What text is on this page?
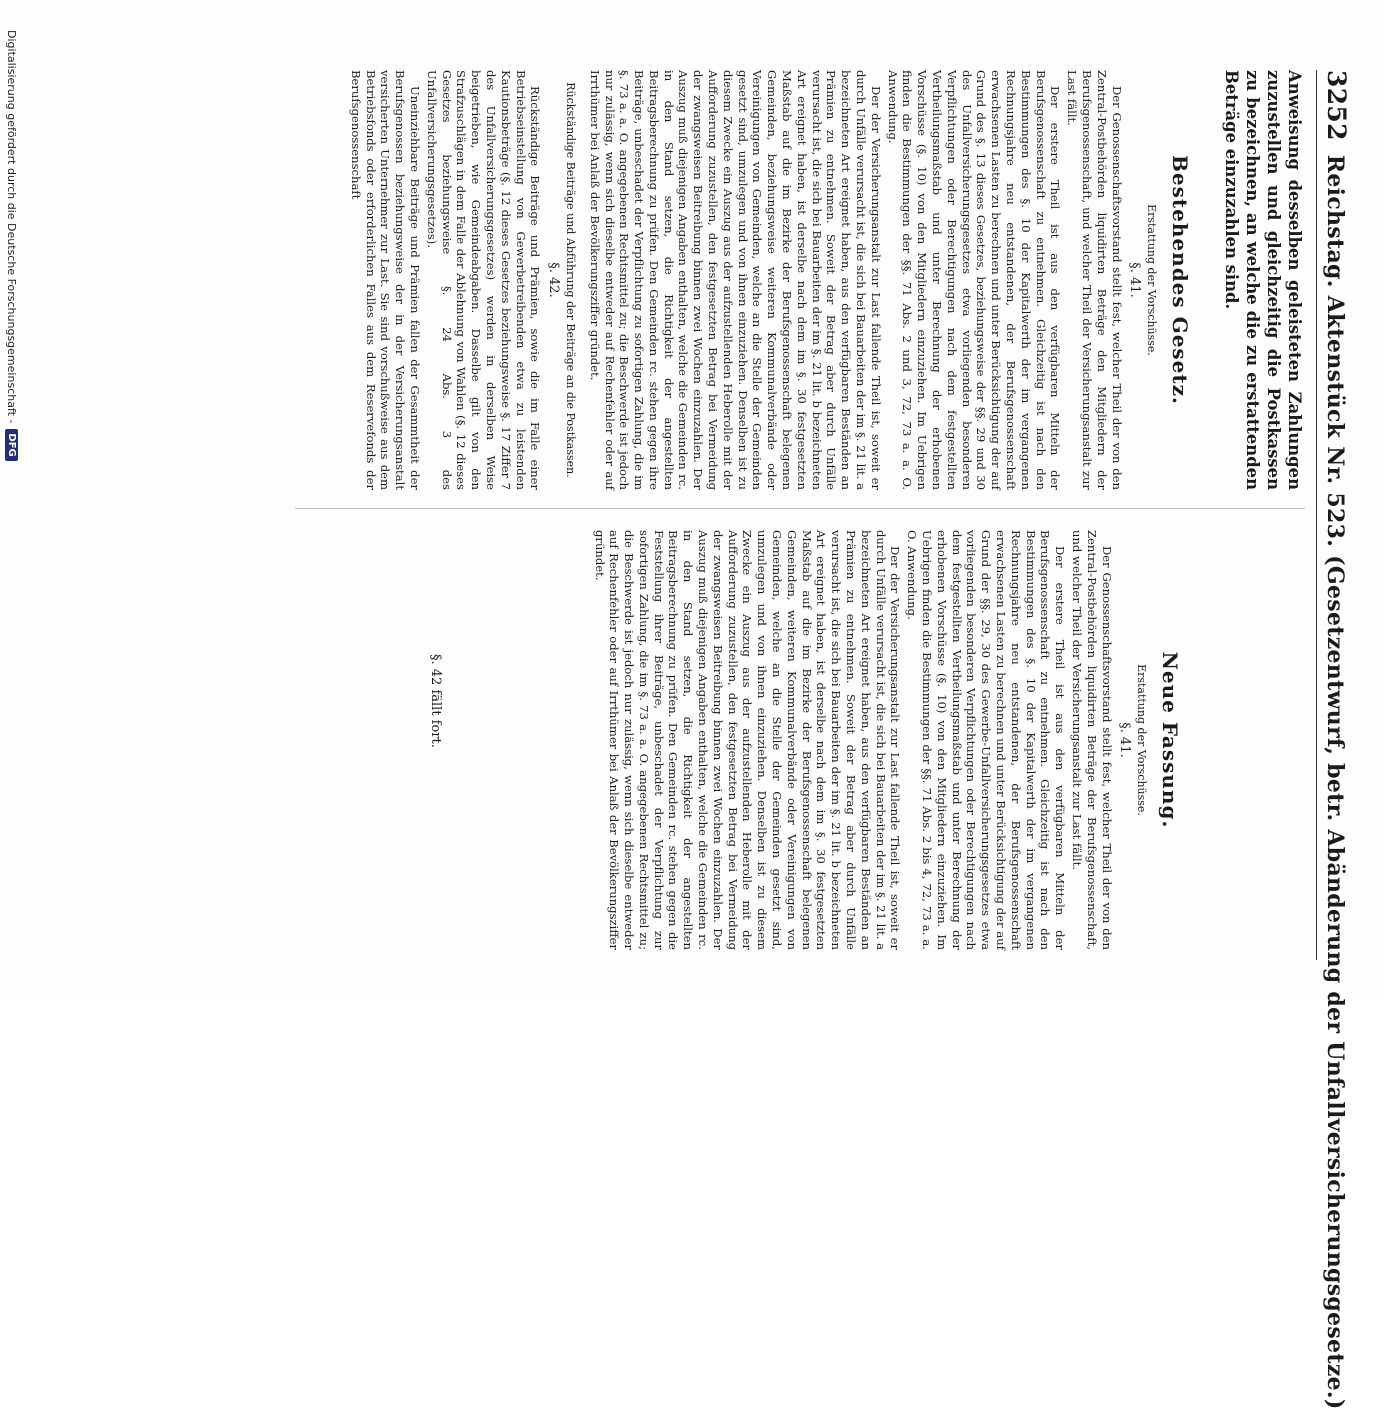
3252
Reichstag. Aktenstück Nr. 523. (Gesetzentwurf, betr. Abänderung der Unfallversicherungsgesetze.)
Anweisung desselben geleisteten Zahlungen zuzustellen und gleichzeitig die Postkassen zu bezeichnen, an welche die zu erstattenden Beträge einzuzahlen sind.
Bestehendes Gesetz.
Erstattung der Vorschüsse.
§. 41.

Der Genossenschaftsvorstand stellt fest, welcher Theil der von den Zentral-Postbehörden liquidirten Beträge den Mitgliedern der Berufsgenossenschaft, und welcher Theil der Versicherungsanstalt zur Last fällt.

Der erstere Theil ist aus den verfügbaren Mitteln der Berufsgenossenschaft zu entnehmen. Gleichzeitig ist nach den Bestimmungen des §. 10 der Kapitalwerth der im vergangenen Rechnungsjahre neu entstandenen, der Berufsgenossenschaft erwachsenen Lasten zu berechnen und unter Berücksichtigung der auf Grund des §. 13 dieses Gesetzes, beziehungsweise der §§. 29 und 30 des Unfallversicherungsgesetzes etwa vorliegenden besonderen Verpflichtungen oder Berechtigungen nach dem festgestellten Vertheilungsmaßstab und unter Berechnung der erhobenen Vorschüsse (§. 10) von den Mitgliedern einzuziehen. Im Uebrigen finden die Bestimmungen der §§. 71 Abs. 2 und 3, 72, 73 a. a. O. Anwendung.

Der der Versicherungsanstalt zur Last fallende Theil ist, soweit er durch Unfälle verursacht ist, die sich bei Bauarbeiten der im §. 21 lit. a bezeichneten Art ereignet haben, aus den verfügbaren Beständen an Prämien zu entnehmen. Soweit der Betrag aber durch Unfälle verursacht ist, die sich bei Bauarbeiten der im §. 21 lit. b bezeichneten Art ereignet haben, ist derselbe nach dem im §. 30 festgesetzten Maßstab auf die im Bezirke der Berufsgenossenschaft belegenen Gemeinden, beziehungsweise weiteren Kommunalverbände oder Vereinigungen von Gemeinden, welche an die Stelle der Gemeinden gesetzt sind, umzulegen und von ihnen einzuziehen. Denselben ist zu diesem Zwecke ein Auszug aus der aufzustellenden Heberolle mit der Aufforderung zuzustellen, den festgesetzten Betrag bei Vermeidung der zwangsweisen Beitreibung binnen zwei Wochen einzuzahlen. Der Auszug muß diejenigen Angaben enthalten, welche die Gemeinden rc. in den Stand setzen, die Richtigkeit der angestellten Beitragsberechnung zu prüfen. Den Gemeinden rc. stehen gegen ihre Beiträge, unbeschadet der Verpflichtung zu sofortigen Zahlung, die im §. 73 a. a. O. angegebenen Rechtsmittel zu; die Beschwerde ist jedoch nur zulässig, wenn sich dieselbe entweder auf Rechenfehler oder auf Irrthümer bei Anlaß der Bevölkerungsziffer gründet.

Rückständige Beiträge und Abführung der Beiträge an die Postkassen.
§. 42.

Rückständige Beiträge und Prämien, sowie die im Falle einer Betriebseinstellung von Gewerbetreibenden etwa zu leistenden Kautionsbeträge (§. 12 dieses Gesetzes beziehungsweise §. 17 Ziffer 7 des Unfallversicherungsgesetzes) werden in derselben Weise beigetrieben, wie Gemeindeabgaben. Dasselbe gilt von den Strafzuschlägen in dem Falle der Ablehnung von Wahlen (§. 12 dieses Gesetzes beziehungsweise §. 24 Abs. 3 des Unfallversicherungsgesetzes).

Uneinziehbare Beiträge und Prämien fallen der Gesammtheit der Berufsgenossen beziehungsweise der in der Versicherungsanstalt versicherten Unternehmer zur Last. Sie sind vorschußweise aus dem Betriebsfonds oder erforderlichen Falles aus dem Reservefonds der Berufsgenossenschaft

Neue Fassung.
Erstattung der Vorschüsse.
§. 41.

Der Genossenschaftsvorstand stellt fest, welcher Theil der von den Zentral-Postbehörden liquidirten Beträge der Berufsgenossenschaft, und welcher Theil der Versicherungsanstalt zur Last fällt.

Der erstere Theil ist aus den verfügbaren Mitteln der Berufsgenossenschaft zu entnehmen. Gleichzeitig ist nach den Bestimmungen des §. 10 der Kapitalwerth der im vergangenen Rechnungsjahre neu entstandenen, der Berufsgenossenschaft erwachsenen Lasten zu berechnen und unter Berücksichtigung der auf Grund der §§. 29, 30 des Gewerbe-Unfallversicherungsgesetzes etwa vorliegenden besonderen Verpflichtungen oder Berechtigungen nach dem festgestellten Vertheilungsmaßstab und unter Berechnung der erhobenen Vorschüsse (§. 10) von den Mitgliedern einzuziehen. Im Uebrigen finden die Bestimmungen der §§. 71 Abs. 2 bis 4, 72, 73 a. a. O. Anwendung.

Der der Versicherungsanstalt zur Last fallende Theil ist, soweit er durch Unfälle verursacht ist, die sich bei Bauarbeiten der im §. 21 lit. a bezeichneten Art ereignet haben, aus den verfügbaren Beständen an Prämien zu entnehmen. Soweit der Betrag aber durch Unfälle verursacht ist, die sich bei Bauarbeiten der im §. 21 lit. b bezeichneten Art ereignet haben, ist derselbe nach dem im §. 30 festgesetzten Maßstab auf die im Bezirke der Berufsgenossenschaft belegenen Gemeinden, weiteren Kommunalverbände oder Vereinigungen von Gemeinden, welche an die Stelle der Gemeinden gesetzt sind, umzulegen und von ihnen einzuziehen. Denselben ist zu diesem Zwecke ein Auszug aus der aufzustellenden Heberolle mit der Aufforderung zuzustellen, den festgesetzten Betrag bei Vermeidung der zwangsweisen Beitreibung binnen zwei Wochen einzuzahlen. Der Auszug muß diejenigen Angaben enthalten, welche die Gemeinden rc. in den Stand setzen, die Richtigkeit der angestellten Beitragsberechnung zu prüfen. Den Gemeinden rc. stehen gegen die Feststellung ihrer Beiträge, unbeschadet der Verpflichtung zur sofortigen Zahlung, die im §. 73 a. a. O. angegebenen Rechtsmittel zu; die Beschwerde ist jedoch nur zulässig, wenn sich dieselbe entweder auf Rechenfehler oder auf Irrthümer bei Anlaß der Bevölkerungsziffer gründet.

§. 42 fällt fort.
Digitalisierung gefördert durch die Deutsche Forschungsgemeinschaft -
DFG
